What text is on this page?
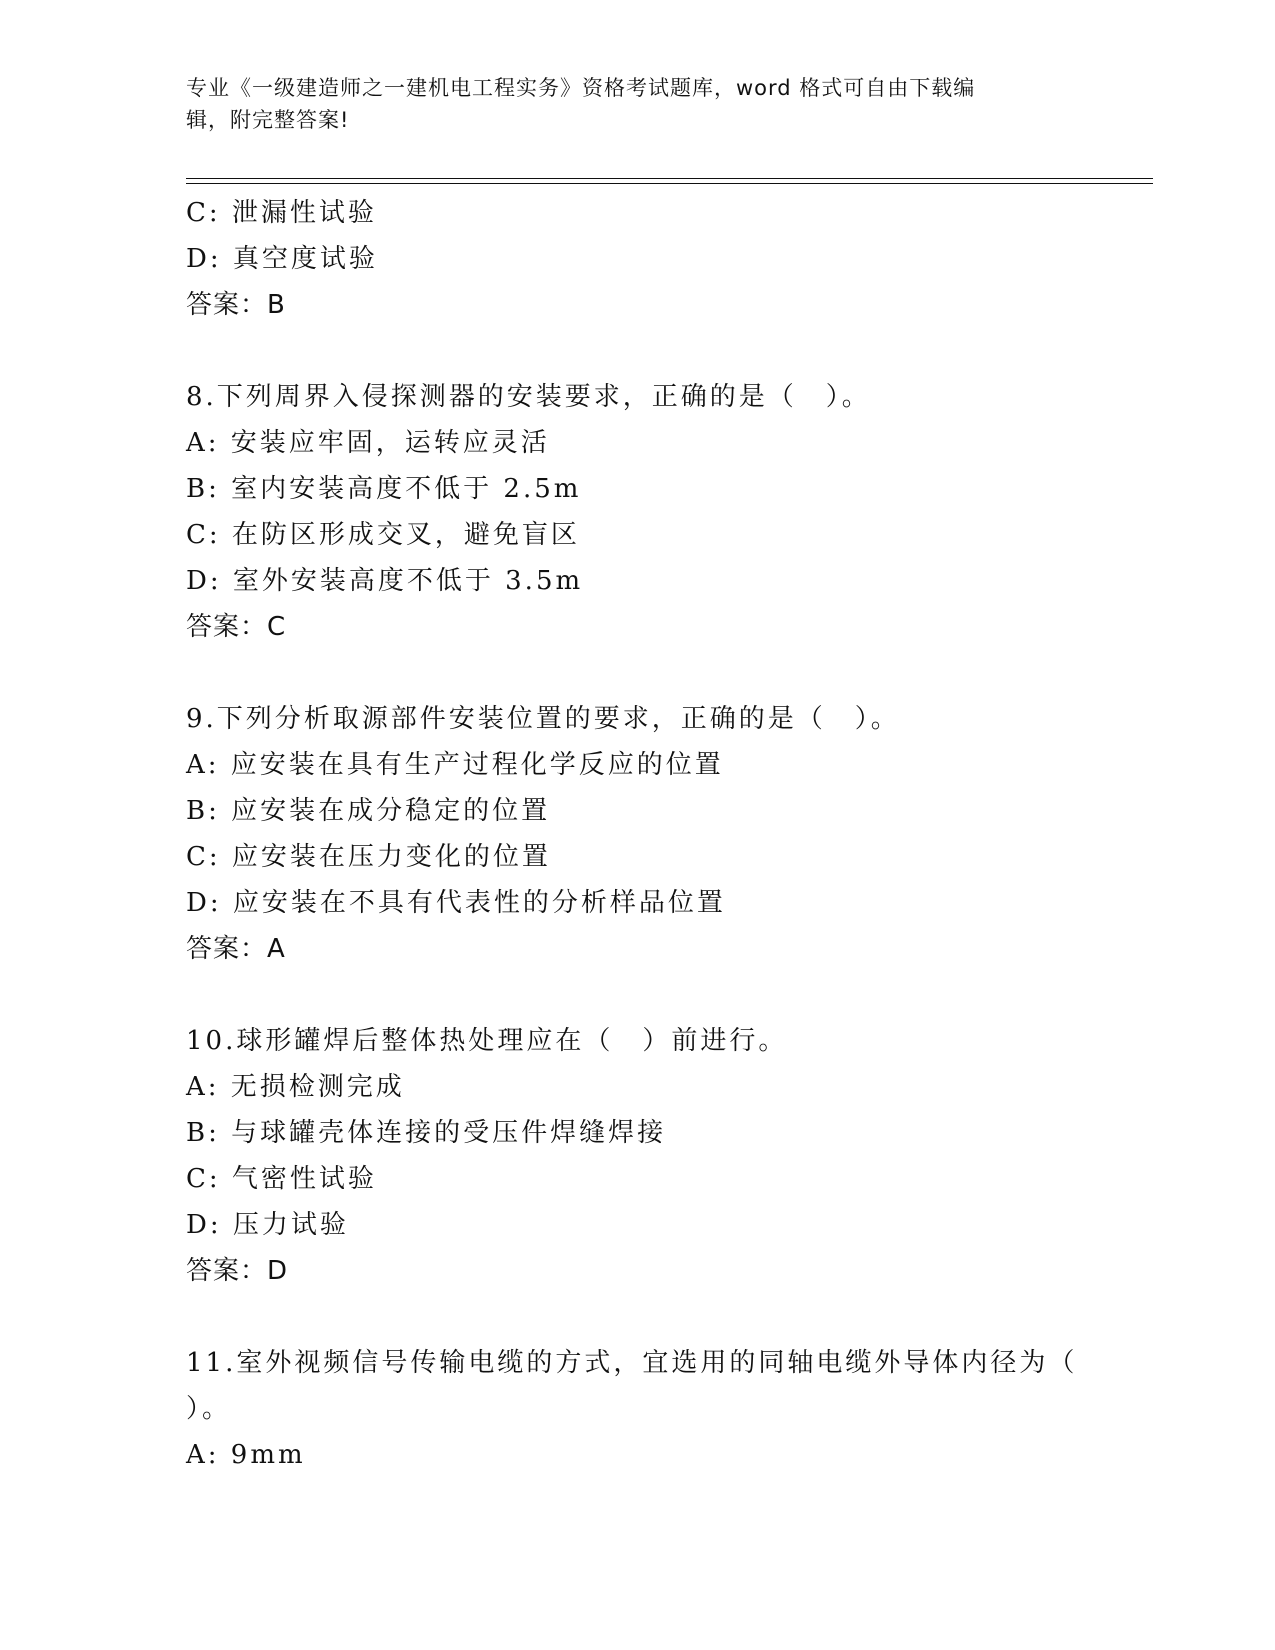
专业《一级建造师之一建机电工程实务》资格考试题库，word 格式可自由下载编
辑，附完整答案!
C: 泄漏性试验
D: 真空度试验
答案：B
8.下列周界入侵探测器的安装要求，正确的是（　）。
A: 安装应牢固，运转应灵活
B: 室内安装高度不低于 2.5m
C: 在防区形成交叉，避免盲区
D: 室外安装高度不低于 3.5m
答案：C
9.下列分析取源部件安装位置的要求，正确的是（　）。
A: 应安装在具有生产过程化学反应的位置
B: 应安装在成分稳定的位置
C: 应安装在压力变化的位置
D: 应安装在不具有代表性的分析样品位置
答案：A
10.球形罐焊后整体热处理应在（　）前进行。
A: 无损检测完成
B: 与球罐壳体连接的受压件焊缝焊接
C: 气密性试验
D: 压力试验
答案：D
11.室外视频信号传输电缆的方式，宜选用的同轴电缆外导体内径为（
）。
A: 9mm
